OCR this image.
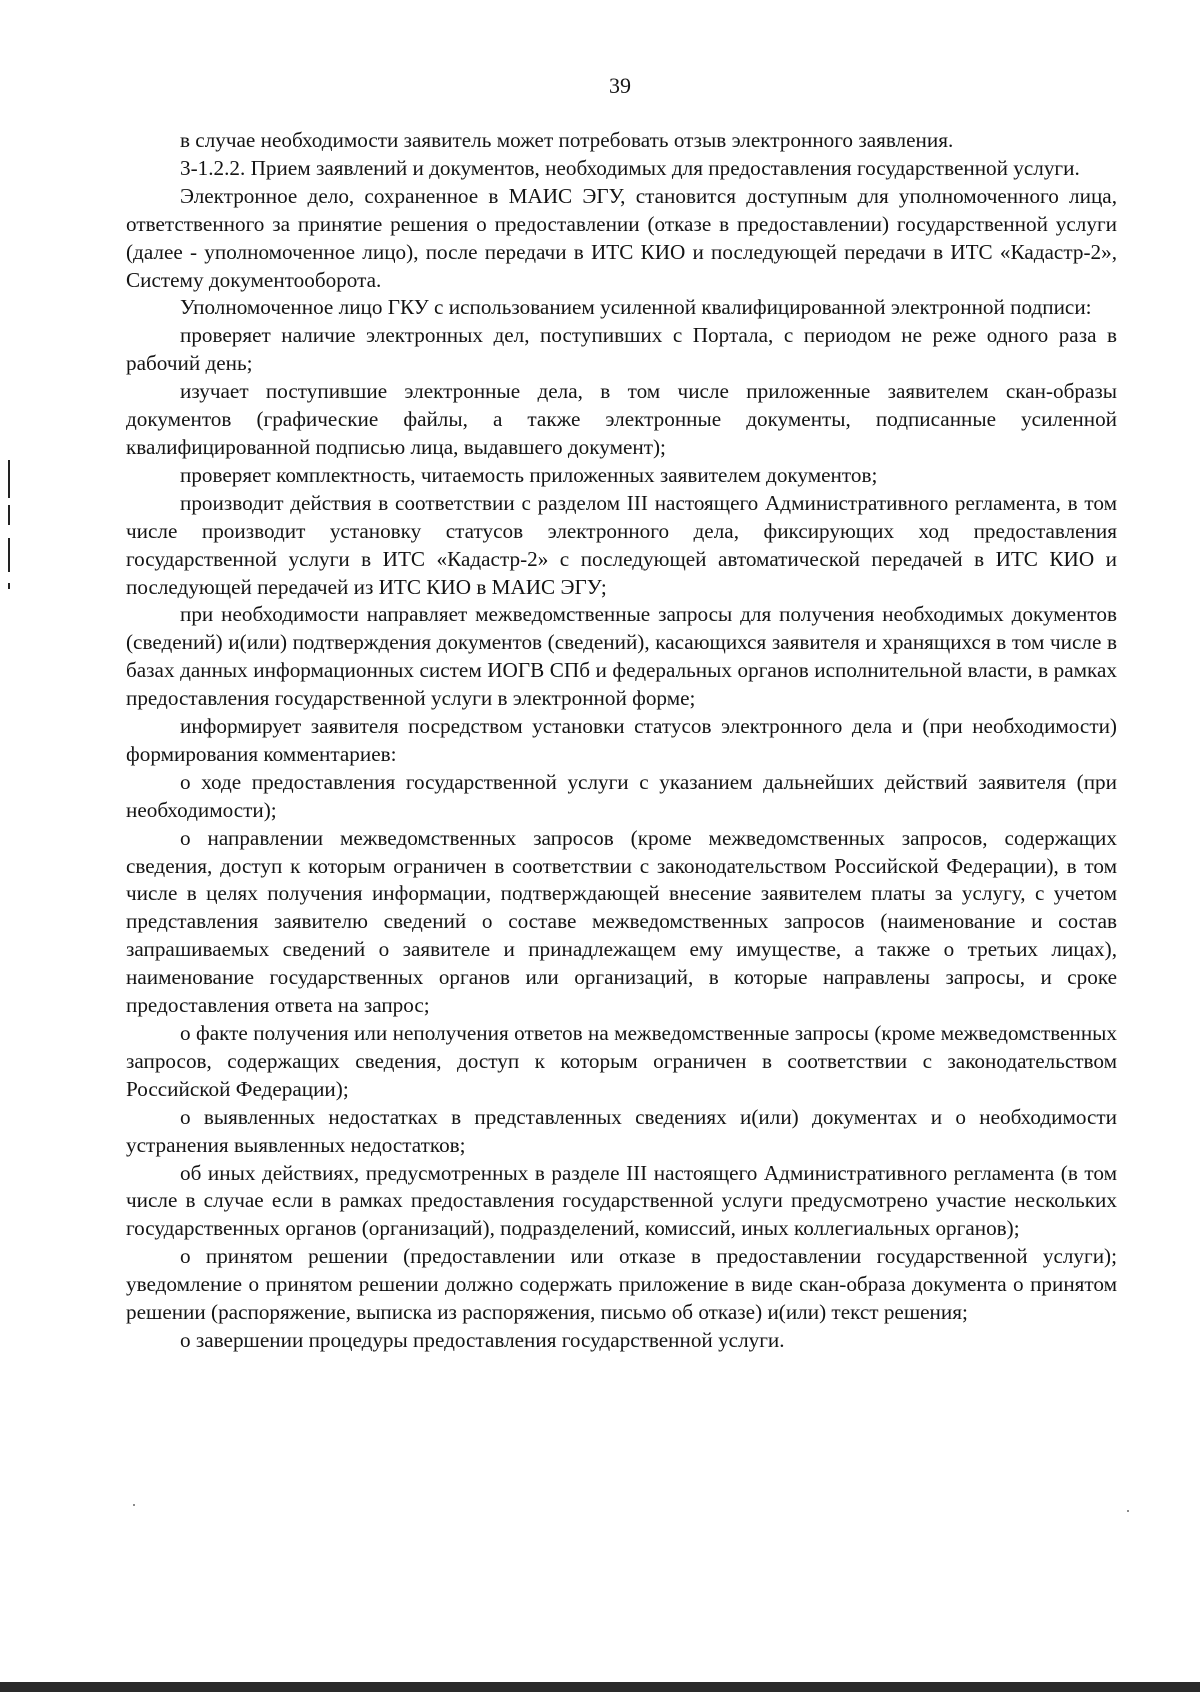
39

в случае необходимости заявитель может потребовать отзыв электронного заявления.

3-1.2.2. Прием заявлений и документов, необходимых для предоставления государственной услуги.

Электронное дело, сохраненное в МАИС ЭГУ, становится доступным для уполномоченного лица, ответственного за принятие решения о предоставлении (отказе в предоставлении) государственной услуги (далее - уполномоченное лицо), после передачи в ИТС КИО и последующей передачи в ИТС «Кадастр-2», Систему документооборота.

Уполномоченное лицо ГКУ с использованием усиленной квалифицированной электронной подписи:

проверяет наличие электронных дел, поступивших с Портала, с периодом не реже одного раза в рабочий день;

изучает поступившие электронные дела, в том числе приложенные заявителем скан-образы документов (графические файлы, а также электронные документы, подписанные усиленной квалифицированной подписью лица, выдавшего документ);

проверяет комплектность, читаемость приложенных заявителем документов;

производит действия в соответствии с разделом III настоящего Административного регламента, в том числе производит установку статусов электронного дела, фиксирующих ход предоставления государственной услуги в ИТС «Кадастр-2» с последующей автоматической передачей в ИТС КИО и последующей передачей из ИТС КИО в МАИС ЭГУ;

при необходимости направляет межведомственные запросы для получения необходимых документов (сведений) и(или) подтверждения документов (сведений), касающихся заявителя и хранящихся в том числе в базах данных информационных систем ИОГВ СПб и федеральных органов исполнительной власти, в рамках предоставления государственной услуги в электронной форме;

информирует заявителя посредством установки статусов электронного дела и (при необходимости) формирования комментариев:

о ходе предоставления государственной услуги с указанием дальнейших действий заявителя (при необходимости);

о направлении межведомственных запросов (кроме межведомственных запросов, содержащих сведения, доступ к которым ограничен в соответствии с законодательством Российской Федерации), в том числе в целях получения информации, подтверждающей внесение заявителем платы за услугу, с учетом представления заявителю сведений о составе межведомственных запросов (наименование и состав запрашиваемых сведений о заявителе и принадлежащем ему имуществе, а также о третьих лицах), наименование государственных органов или организаций, в которые направлены запросы, и сроке предоставления ответа на запрос;

о факте получения или неполучения ответов на межведомственные запросы (кроме межведомственных запросов, содержащих сведения, доступ к которым ограничен в соответствии с законодательством Российской Федерации);

о выявленных недостатках в представленных сведениях и(или) документах и о необходимости устранения выявленных недостатков;

об иных действиях, предусмотренных в разделе III настоящего Административного регламента (в том числе в случае если в рамках предоставления государственной услуги предусмотрено участие нескольких государственных органов (организаций), подразделений, комиссий, иных коллегиальных органов);

о принятом решении (предоставлении или отказе в предоставлении государственной услуги); уведомление о принятом решении должно содержать приложение в виде скан-образа документа о принятом решении (распоряжение, выписка из распоряжения, письмо об отказе) и(или) текст решения;

о завершении процедуры предоставления государственной услуги.
